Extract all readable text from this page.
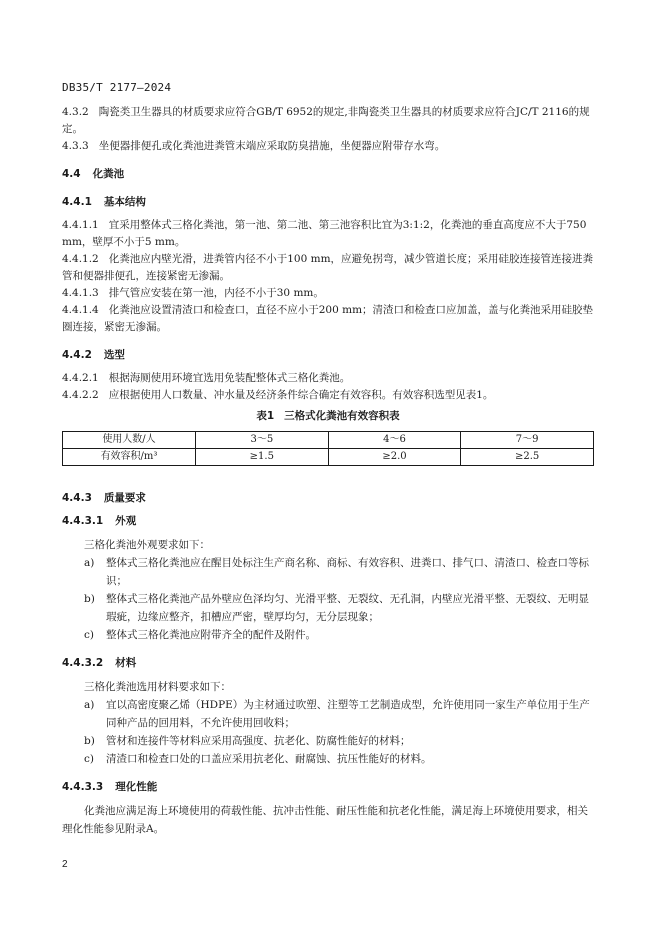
DB35/T 2177—2024

4.3.2 陶瓷类卫生器具的材质要求应符合GB/T 6952的规定,非陶瓷类卫生器具的材质要求应符合JC/T 2116的规定。

4.3.3 坐便器排便孔或化粪池进粪管末端应采取防臭措施，坐便器应附带存水弯。

4.4 化粪池

4.4.1 基本结构

4.4.1.1 宜采用整体式三格化粪池，第一池、第二池、第三池容积比宜为3:1:2，化粪池的垂直高度应不大于750 mm，壁厚不小于5 mm。

4.4.1.2 化粪池应内壁光滑，进粪管内径不小于100 mm，应避免拐弯，减少管道长度；采用硅胶连接管连接进粪管和便器排便孔，连接紧密无渗漏。

4.4.1.3 排气管应安装在第一池，内径不小于30 mm。

4.4.1.4 化粪池应设置清渣口和检查口，直径不应小于200 mm；清渣口和检查口应加盖，盖与化粪池采用硅胶垫圈连接，紧密无渗漏。

4.4.2 选型

4.4.2.1 根据海厕使用环境宜选用免装配整体式三格化粪池。

4.4.2.2 应根据使用人口数量、冲水量及经济条件综合确定有效容积。有效容积选型见表1。

表1 三格式化粪池有效容积表

使用人数/人	3～5	4～6	7～9
有效容积/m³	≥1.5	≥2.0	≥2.5

4.4.3 质量要求

4.4.3.1 外观

三格化粪池外观要求如下：

a)	整体式三格化粪池应在醒目处标注生产商名称、商标、有效容积、进粪口、排气口、清渣口、检查口等标识；
b)	整体式三格化粪池产品外壁应色泽均匀、光滑平整、无裂纹、无孔洞，内壁应光滑平整、无裂纹、无明显瑕疵，边缘应整齐，扣槽应严密，壁厚均匀，无分层现象；
c)	整体式三格化粪池应附带齐全的配件及附件。

4.4.3.2 材料

三格化粪池选用材料要求如下：

a)	宜以高密度聚乙烯（HDPE）为主材通过吹塑、注塑等工艺制造成型，允许使用同一家生产单位用于生产同种产品的回用料，不允许使用回收料；
b)	管材和连接件等材料应采用高强度、抗老化、防腐性能好的材料；
c)	清渣口和检查口处的口盖应采用抗老化、耐腐蚀、抗压性能好的材料。

4.4.3.3 理化性能

化粪池应满足海上环境使用的荷载性能、抗冲击性能、耐压性能和抗老化性能，满足海上环境使用要求，相关理化性能参见附录A。

2
